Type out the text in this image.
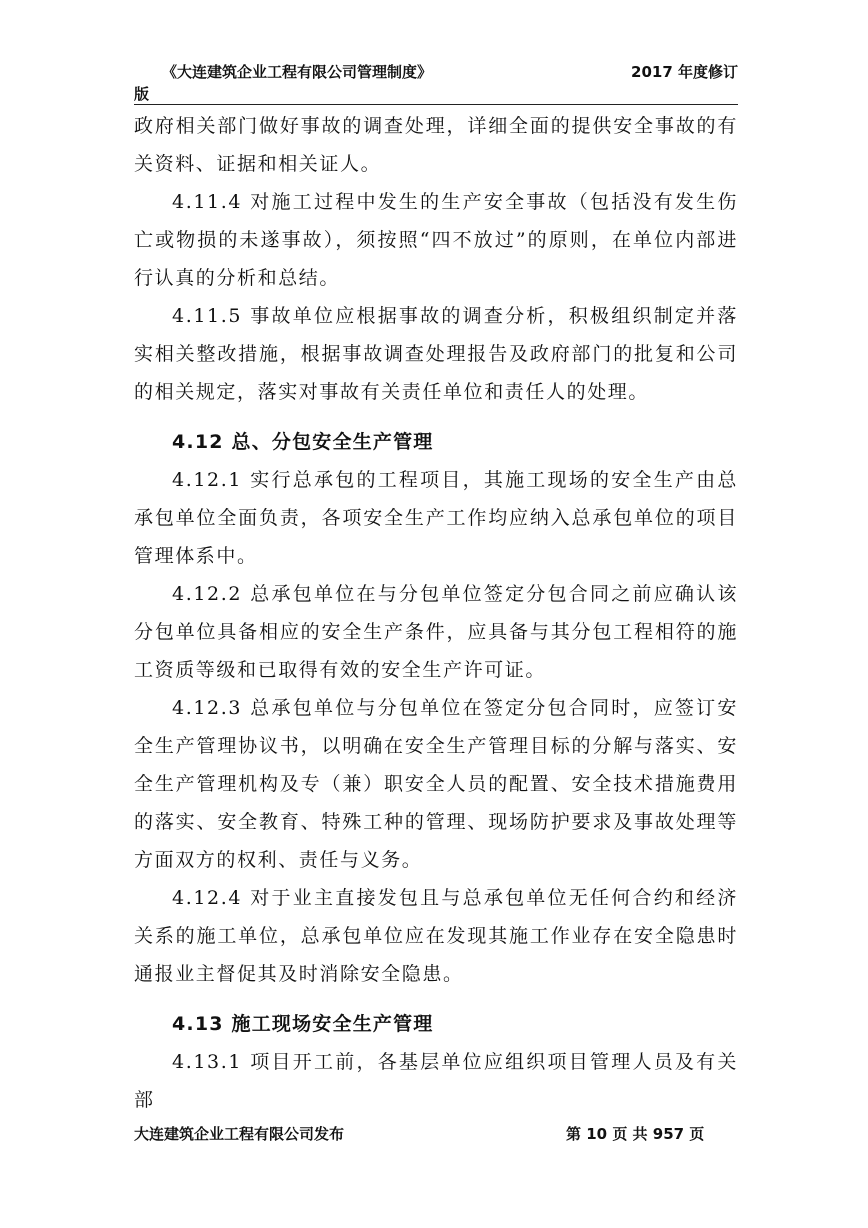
《大连建筑企业工程有限公司管理制度》	2017 年度修订
版

政府相关部门做好事故的调查处理，详细全面的提供安全事故的有关资料、证据和相关证人。

4.11.4 对施工过程中发生的生产安全事故（包括没有发生伤亡或物损的未遂事故），须按照“四不放过”的原则，在单位内部进行认真的分析和总结。

4.11.5 事故单位应根据事故的调查分析，积极组织制定并落实相关整改措施，根据事故调查处理报告及政府部门的批复和公司的相关规定，落实对事故有关责任单位和责任人的处理。

4.12 总、分包安全生产管理

4.12.1 实行总承包的工程项目，其施工现场的安全生产由总承包单位全面负责，各项安全生产工作均应纳入总承包单位的项目管理体系中。

4.12.2 总承包单位在与分包单位签定分包合同之前应确认该分包单位具备相应的安全生产条件，应具备与其分包工程相符的施工资质等级和已取得有效的安全生产许可证。

4.12.3 总承包单位与分包单位在签定分包合同时，应签订安全生产管理协议书，以明确在安全生产管理目标的分解与落实、安全生产管理机构及专（兼）职安全人员的配置、安全技术措施费用的落实、安全教育、特殊工种的管理、现场防护要求及事故处理等方面双方的权利、责任与义务。

4.12.4 对于业主直接发包且与总承包单位无任何合约和经济关系的施工单位，总承包单位应在发现其施工作业存在安全隐患时通报业主督促其及时消除安全隐患。

4.13 施工现场安全生产管理

4.13.1 项目开工前，各基层单位应组织项目管理人员及有关部

大连建筑企业工程有限公司发布	第 10 页 共 957 页
